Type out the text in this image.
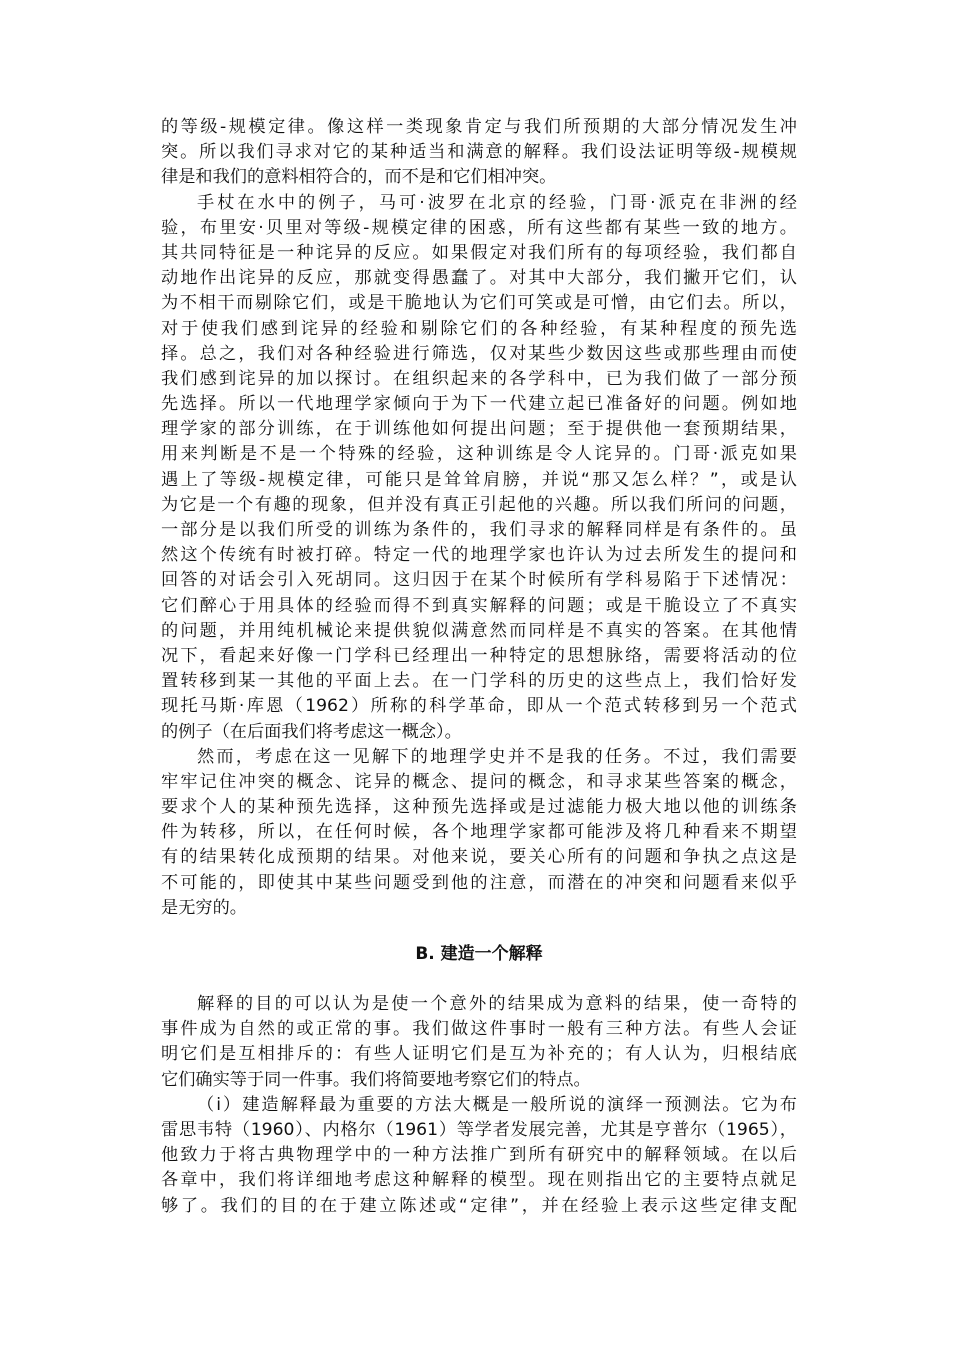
的等级-规模定律。像这样一类现象肯定与我们所预期的大部分情况发生冲
突。所以我们寻求对它的某种适当和满意的解释。我们设法证明等级-规模规
律是和我们的意料相符合的，而不是和它们相冲突。
手杖在水中的例子，马可·波罗在北京的经验，门哥·派克在非洲的经
验，布里安·贝里对等级-规模定律的困惑，所有这些都有某些一致的地方。
其共同特征是一种诧异的反应。如果假定对我们所有的每项经验，我们都自
动地作出诧异的反应，那就变得愚蠢了。对其中大部分，我们撇开它们，认
为不相干而剔除它们，或是干脆地认为它们可笑或是可憎，由它们去。所以，
对于使我们感到诧异的经验和剔除它们的各种经验，有某种程度的预先选
择。总之，我们对各种经验进行筛选，仅对某些少数因这些或那些理由而使
我们感到诧异的加以探讨。在组织起来的各学科中，已为我们做了一部分预
先选择。所以一代地理学家倾向于为下一代建立起已准备好的问题。例如地
理学家的部分训练，在于训练他如何提出问题；至于提供他一套预期结果，
用来判断是不是一个特殊的经验，这种训练是令人诧异的。门哥·派克如果
遇上了等级-规模定律，可能只是耸耸肩膀，并说“那又怎么样？”，或是认
为它是一个有趣的现象，但并没有真正引起他的兴趣。所以我们所问的问题，
一部分是以我们所受的训练为条件的，我们寻求的解释同样是有条件的。虽
然这个传统有时被打碎。特定一代的地理学家也许认为过去所发生的提问和
回答的对话会引入死胡同。这归因于在某个时候所有学科易陷于下述情况：
它们醉心于用具体的经验而得不到真实解释的问题；或是干脆设立了不真实
的问题，并用纯机械论来提供貌似满意然而同样是不真实的答案。在其他情
况下，看起来好像一门学科已经理出一种特定的思想脉络，需要将活动的位
置转移到某一其他的平面上去。在一门学科的历史的这些点上，我们恰好发
现托马斯·库恩（1962）所称的科学革命，即从一个范式转移到另一个范式
的例子（在后面我们将考虑这一概念）。
然而，考虑在这一见解下的地理学史并不是我的任务。不过，我们需要
牢牢记住冲突的概念、诧异的概念、提问的概念，和寻求某些答案的概念，
要求个人的某种预先选择，这种预先选择或是过滤能力极大地以他的训练条
件为转移，所以，在任何时候，各个地理学家都可能涉及将几种看来不期望
有的结果转化成预期的结果。对他来说，要关心所有的问题和争执之点这是
不可能的，即使其中某些问题受到他的注意，而潜在的冲突和问题看来似乎
是无穷的。
B. 建造一个解释
解释的目的可以认为是使一个意外的结果成为意料的结果，使一奇特的
事件成为自然的或正常的事。我们做这件事时一般有三种方法。有些人会证
明它们是互相排斥的：有些人证明它们是互为补充的；有人认为，归根结底
它们确实等于同一件事。我们将简要地考察它们的特点。
（i）建造解释最为重要的方法大概是一般所说的演绎一预测法。它为布
雷思韦特（1960）、内格尔（1961）等学者发展完善，尤其是亨普尔（1965），
他致力于将古典物理学中的一种方法推广到所有研究中的解释领域。在以后
各章中，我们将详细地考虑这种解释的模型。现在则指出它的主要特点就足
够了。我们的目的在于建立陈述或“定律”，并在经验上表示这些定律支配
